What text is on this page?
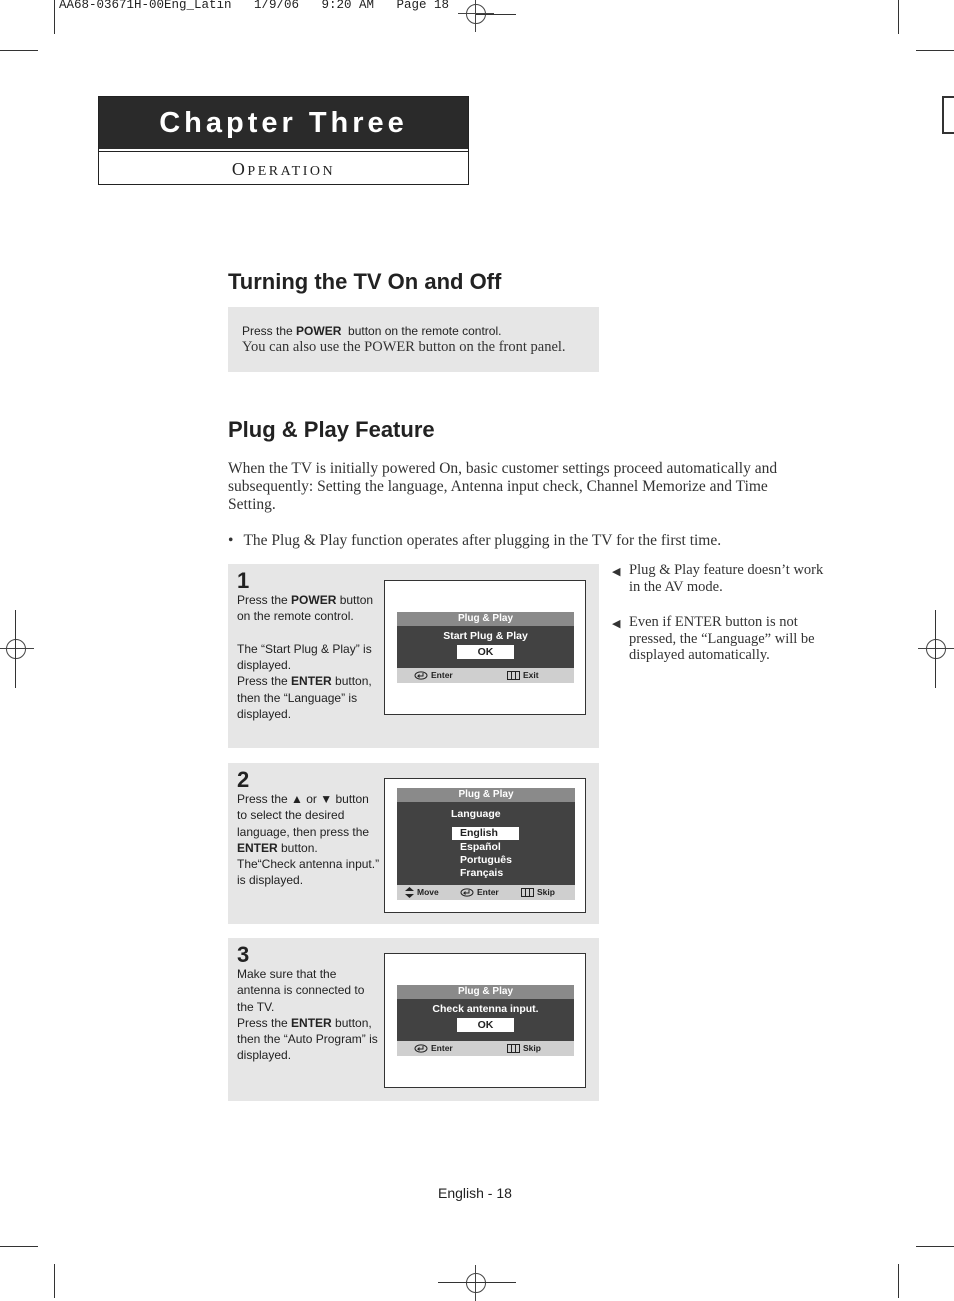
AA68-03671H-00Eng_Latin   1/9/06   9:20 AM   Page 18
Chapter Three
OPERATION
Turning the TV On and Off
Press the POWER  button on the remote control.
You can also use the POWER button on the front panel.
Plug & Play Feature
When the TV is initially powered On, basic customer settings proceed automatically and subsequently: Setting the language, Antenna input check, Channel Memorize and Time Setting.
• The Plug & Play function operates after plugging in the TV for the first time.
1
Press the POWER button on the remote control.

The “Start Plug & Play” is displayed.
Press the ENTER button, then the “Language” is displayed.
Plug & Play
Start Plug & Play
OK
Enter	Exit
2
Press the ▲ or ▼ button to select the desired language, then press the ENTER button.
The“Check antenna input.” is displayed.
Plug & Play
Language
English
Español
Português
Français
Move	Enter	Skip
3
Make sure that the antenna is connected to the TV.
Press the ENTER button, then the “Auto Program” is displayed.
Plug & Play
Check antenna input.
OK
Enter	Skip
◀ Plug & Play feature doesn’t work in the AV mode.
◀ Even if ENTER button is not pressed, the “Language” will be displayed automatically.
English - 18
